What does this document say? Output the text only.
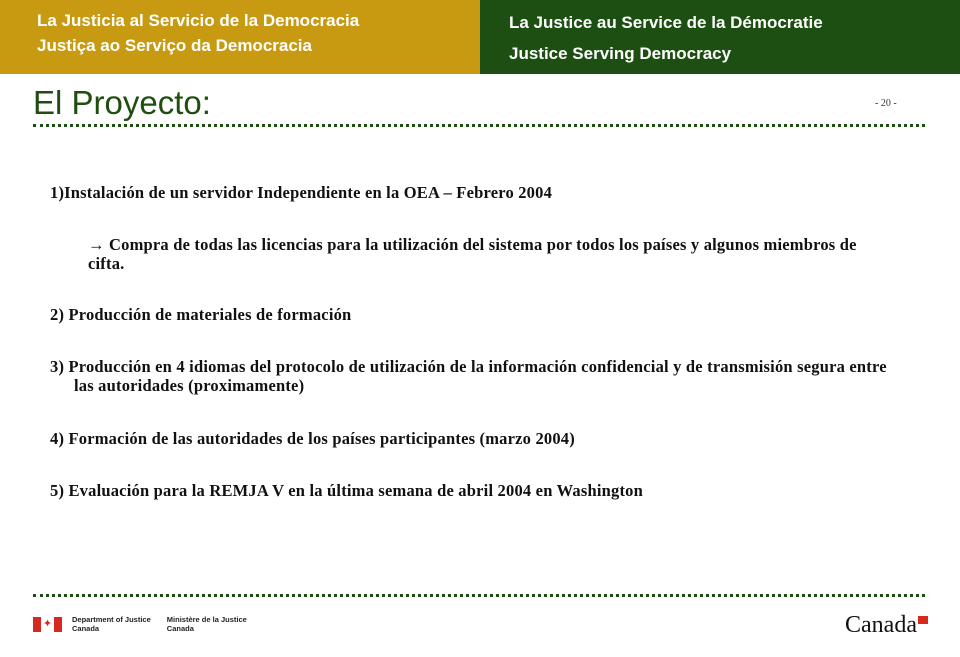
La Justicia al Servicio de la Democracia
Justiça ao Serviço da Democracia
La Justice au Service de la Démocratie
Justice Serving Democracy
El Proyecto:	- 20 -
1)Instalación de un servidor Independiente en la OEA – Febrero 2004
→ Compra de todas las licencias para la utilización del sistema por todos los países y algunos miembros de cifta.
2) Producción de materiales de formación
3) Producción en 4 idiomas del protocolo de utilización de la información confidencial y de transmisión segura entre las autoridades (proximamente)
4) Formación de las autoridades de los países participantes (marzo 2004)
5) Evaluación para la REMJA V en la última semana de abril 2004 en Washington
✦	Department of Justice
Canada
Ministère de la Justice
Canada	Canada
